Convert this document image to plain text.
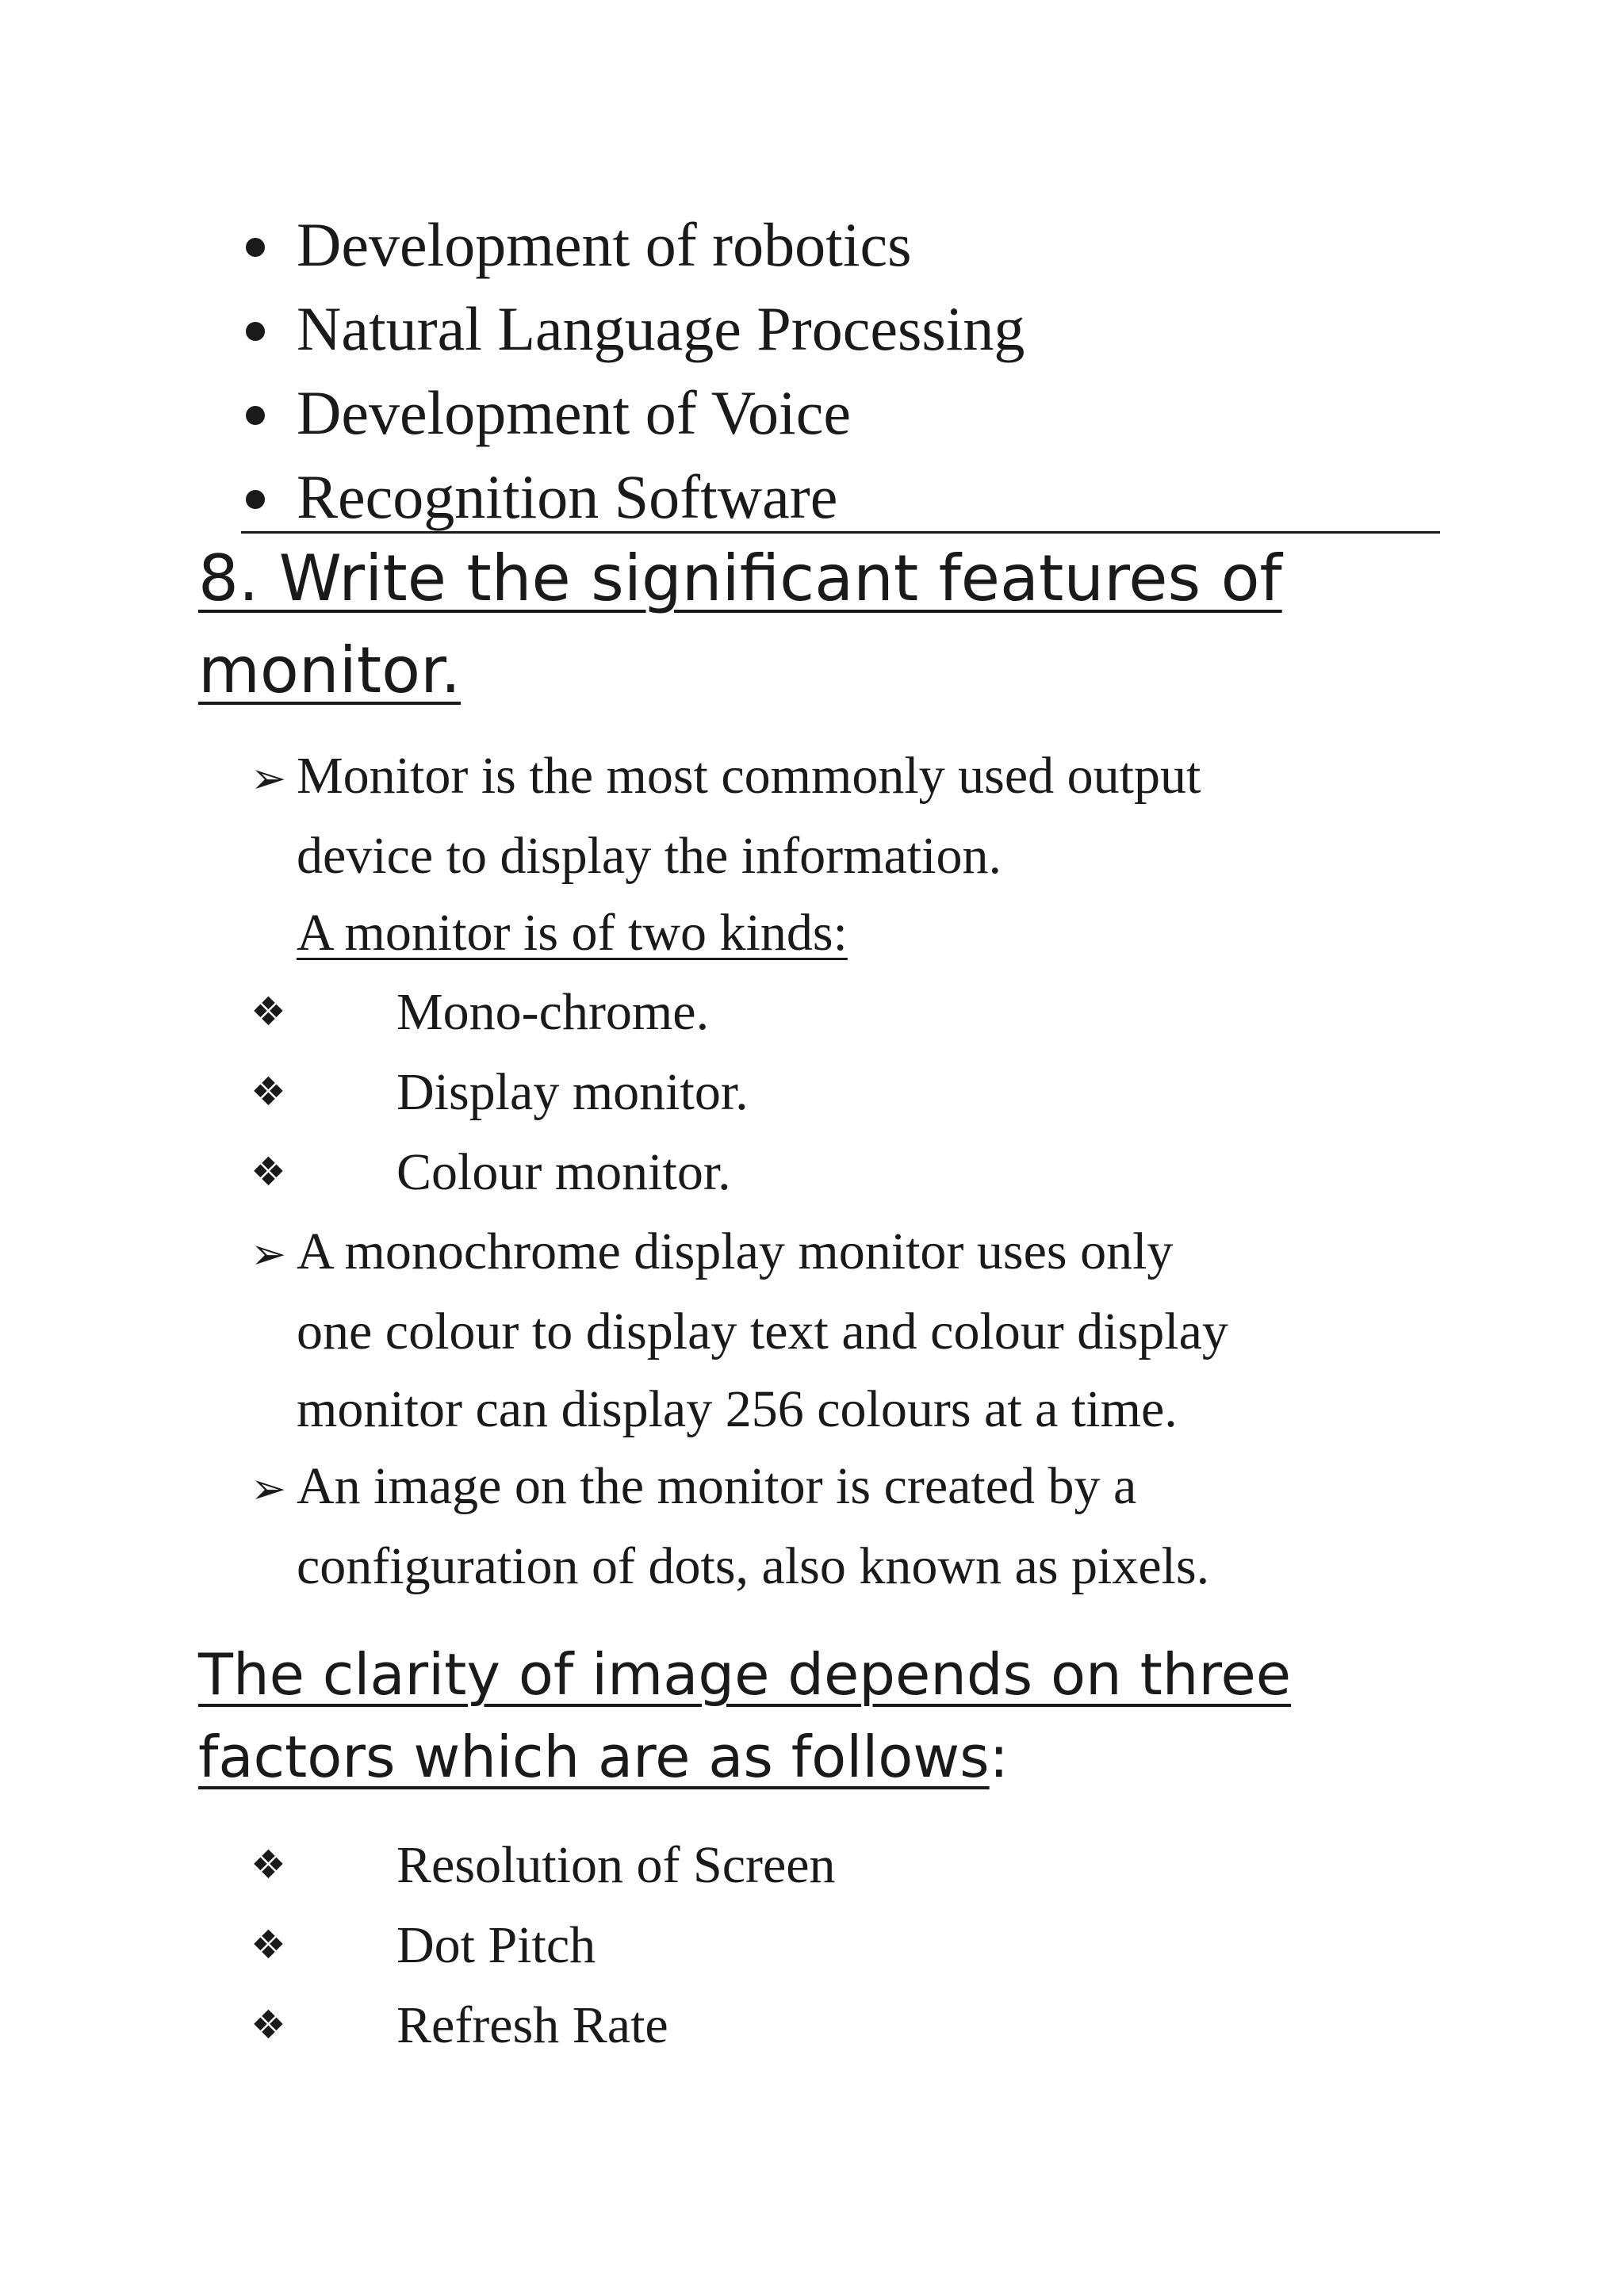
Development of robotics
Natural Language Processing
Development of Voice
Recognition Software
8. Write the significant features of
monitor.
➢ Monitor is the most commonly used output
device to display the information.
A monitor is of two kinds:
❖ Mono-chrome.
❖ Display monitor.
❖ Colour monitor.
➢ A monochrome display monitor uses only
one colour to display text and colour display
monitor can display 256 colours at a time.
➢ An image on the monitor is created by a
configuration of dots, also known as pixels.
The clarity of image depends on three
factors which are as follows:
❖ Resolution of Screen
❖ Dot Pitch
❖ Refresh Rate
